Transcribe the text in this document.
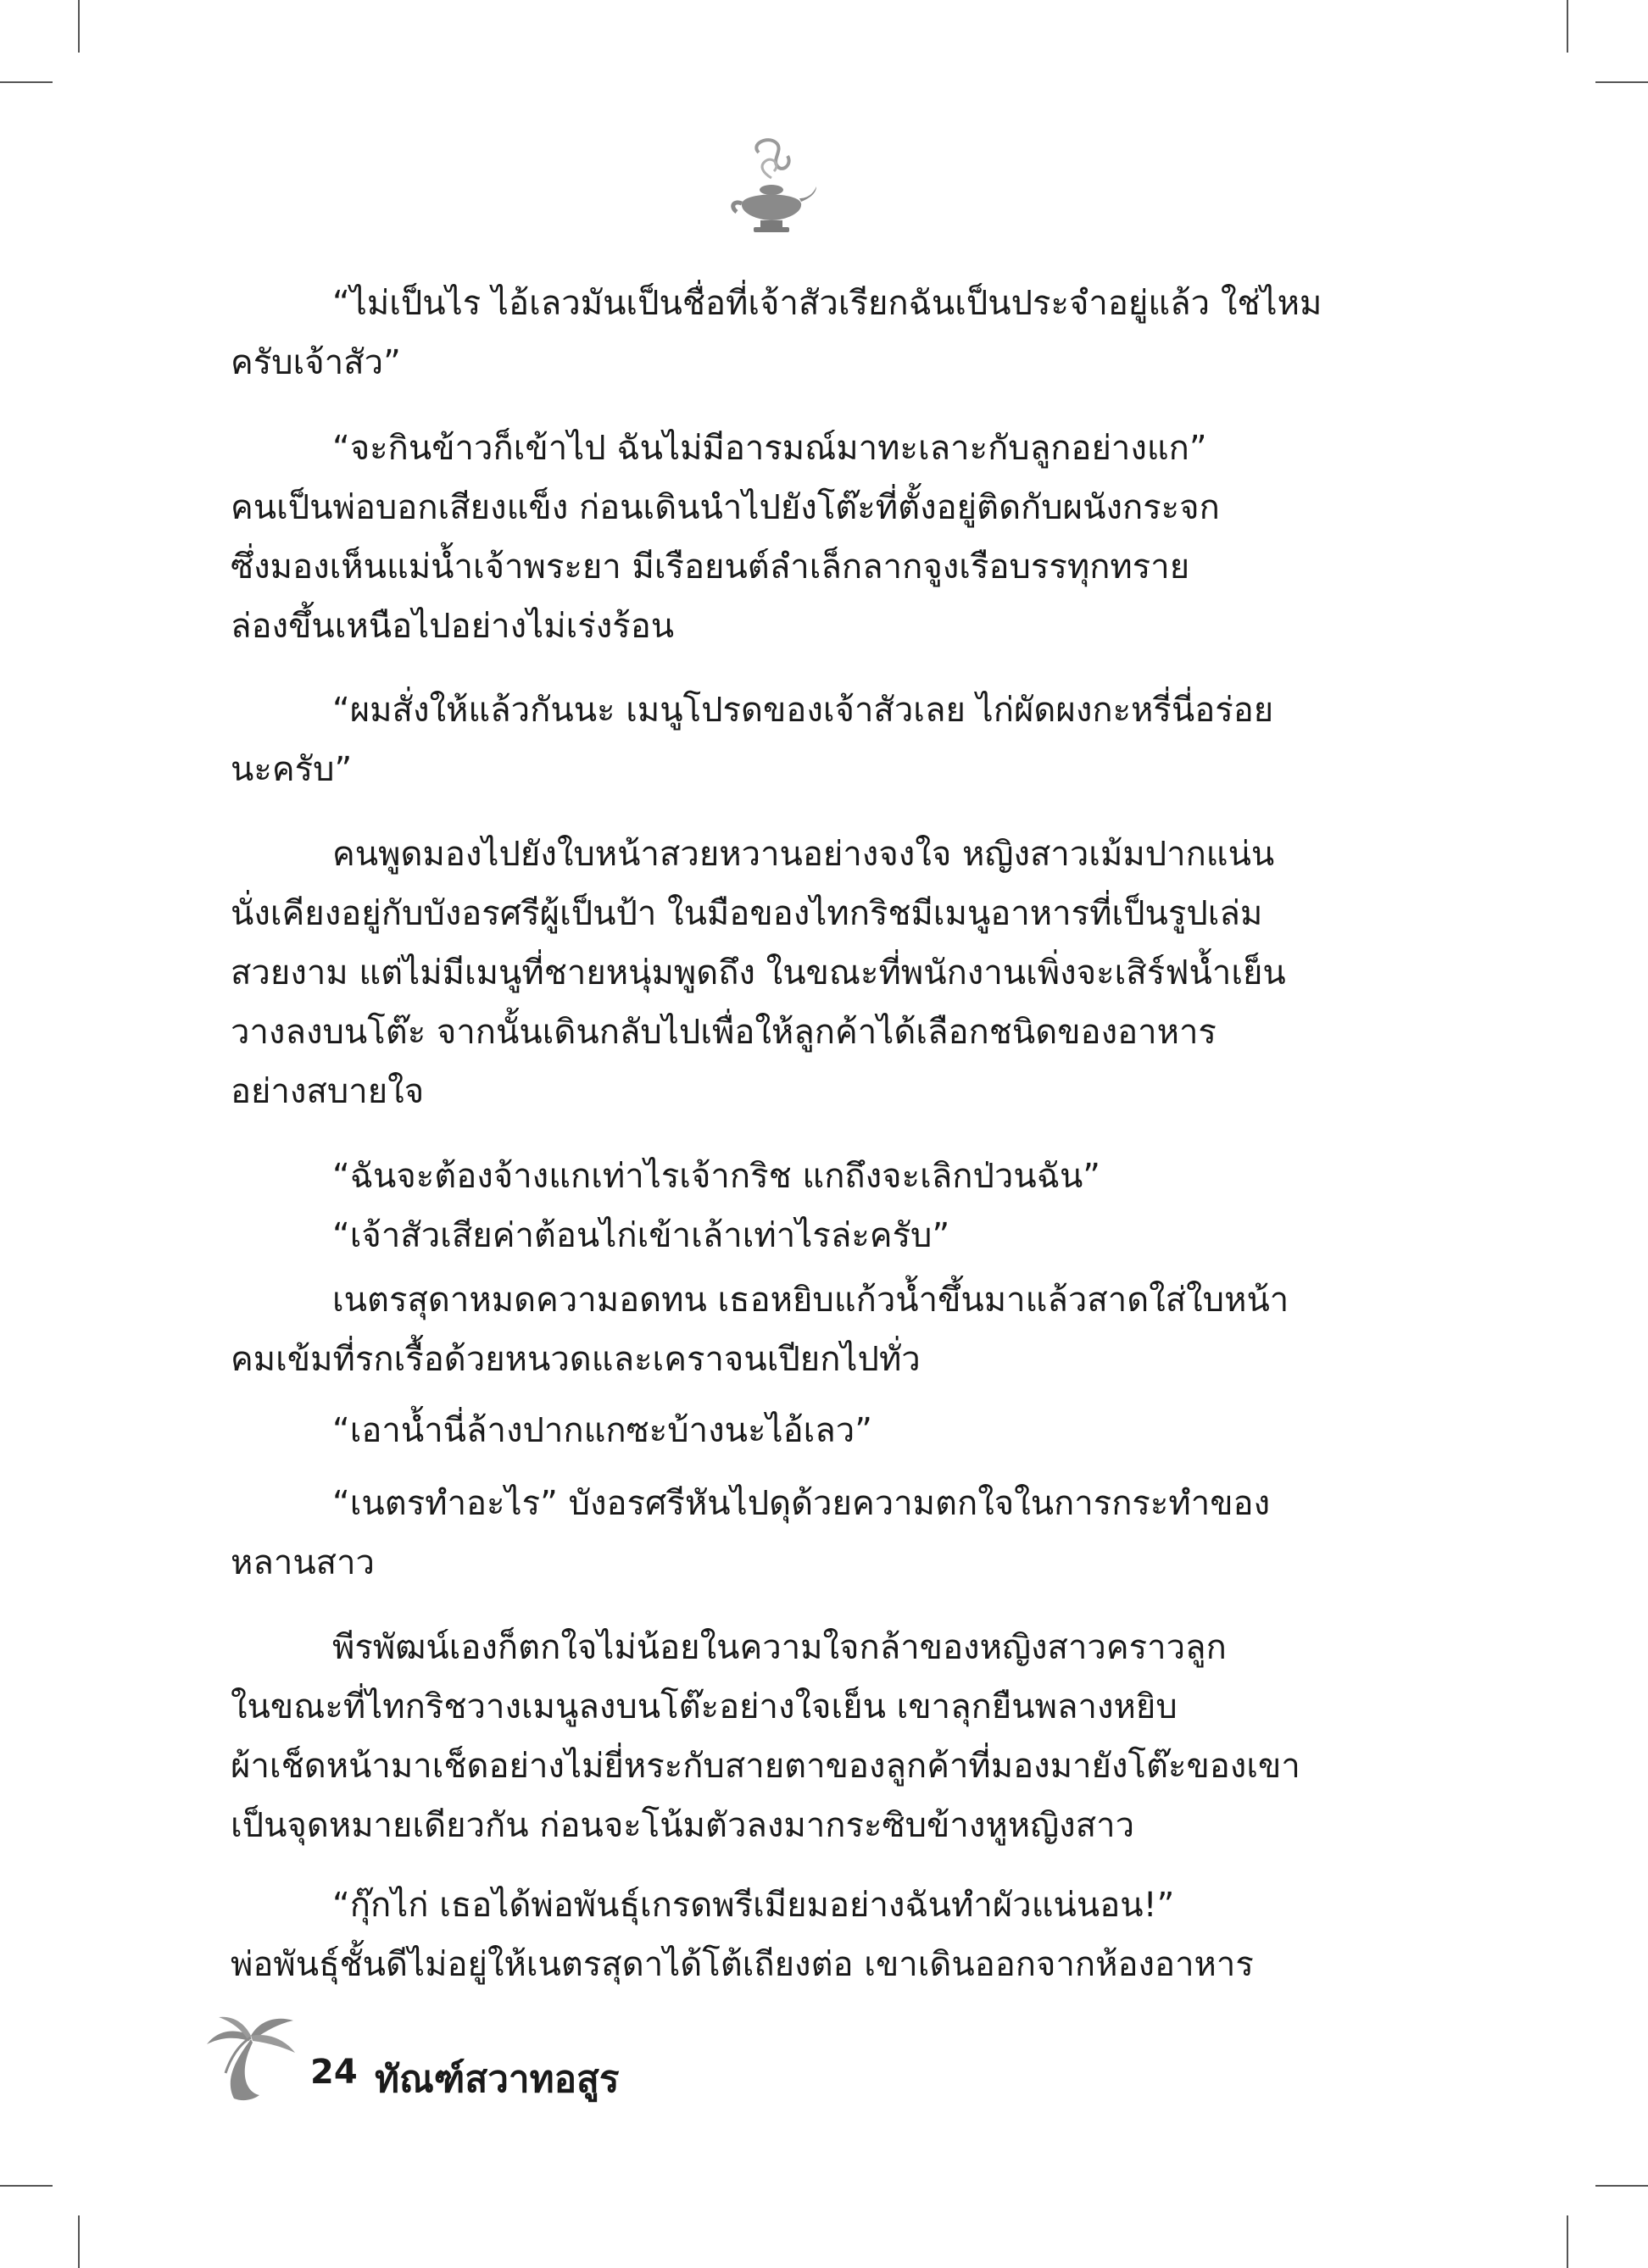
“ไม่เป็นไร ไอ้เลวมันเป็นชื่อที่เจ้าสัวเรียกฉันเป็นประจำอยู่แล้ว ใช่ไหม
ครับเจ้าสัว”
“จะกินข้าวก็เข้าไป ฉันไม่มีอารมณ์มาทะเลาะกับลูกอย่างแก”
คนเป็นพ่อบอกเสียงแข็ง ก่อนเดินนำไปยังโต๊ะที่ตั้งอยู่ติดกับผนังกระจก
ซึ่งมองเห็นแม่น้ำเจ้าพระยา มีเรือยนต์ลำเล็กลากจูงเรือบรรทุกทราย
ล่องขึ้นเหนือไปอย่างไม่เร่งร้อน
“ผมสั่งให้แล้วกันนะ เมนูโปรดของเจ้าสัวเลย ไก่ผัดผงกะหรี่นี่อร่อย
นะครับ”
คนพูดมองไปยังใบหน้าสวยหวานอย่างจงใจ หญิงสาวเม้มปากแน่น
นั่งเคียงอยู่กับบังอรศรีผู้เป็นป้า ในมือของไทกริชมีเมนูอาหารที่เป็นรูปเล่ม
สวยงาม แต่ไม่มีเมนูที่ชายหนุ่มพูดถึง ในขณะที่พนักงานเพิ่งจะเสิร์ฟน้ำเย็น
วางลงบนโต๊ะ จากนั้นเดินกลับไปเพื่อให้ลูกค้าได้เลือกชนิดของอาหาร
อย่างสบายใจ
“ฉันจะต้องจ้างแกเท่าไรเจ้ากริช แกถึงจะเลิกป่วนฉัน”
“เจ้าสัวเสียค่าต้อนไก่เข้าเล้าเท่าไรล่ะครับ”
เนตรสุดาหมดความอดทน เธอหยิบแก้วน้ำขึ้นมาแล้วสาดใส่ใบหน้า
คมเข้มที่รกเรื้อด้วยหนวดและเคราจนเปียกไปทั่ว
“เอาน้ำนี่ล้างปากแกซะบ้างนะไอ้เลว”
“เนตรทำอะไร” บังอรศรีหันไปดุด้วยความตกใจในการกระทำของ
หลานสาว
พีรพัฒน์เองก็ตกใจไม่น้อยในความใจกล้าของหญิงสาวคราวลูก
ในขณะที่ไทกริชวางเมนูลงบนโต๊ะอย่างใจเย็น เขาลุกยืนพลางหยิบ
ผ้าเช็ดหน้ามาเช็ดอย่างไม่ยี่หระกับสายตาของลูกค้าที่มองมายังโต๊ะของเขา
เป็นจุดหมายเดียวกัน ก่อนจะโน้มตัวลงมากระซิบข้างหูหญิงสาว
“กุ๊กไก่ เธอได้พ่อพันธุ์เกรดพรีเมียมอย่างฉันทำผัวแน่นอน!”
พ่อพันธุ์ชั้นดีไม่อยู่ให้เนตรสุดาได้โต้เถียงต่อ เขาเดินออกจากห้องอาหาร
24 ทัณฑ์สวาทอสูร
